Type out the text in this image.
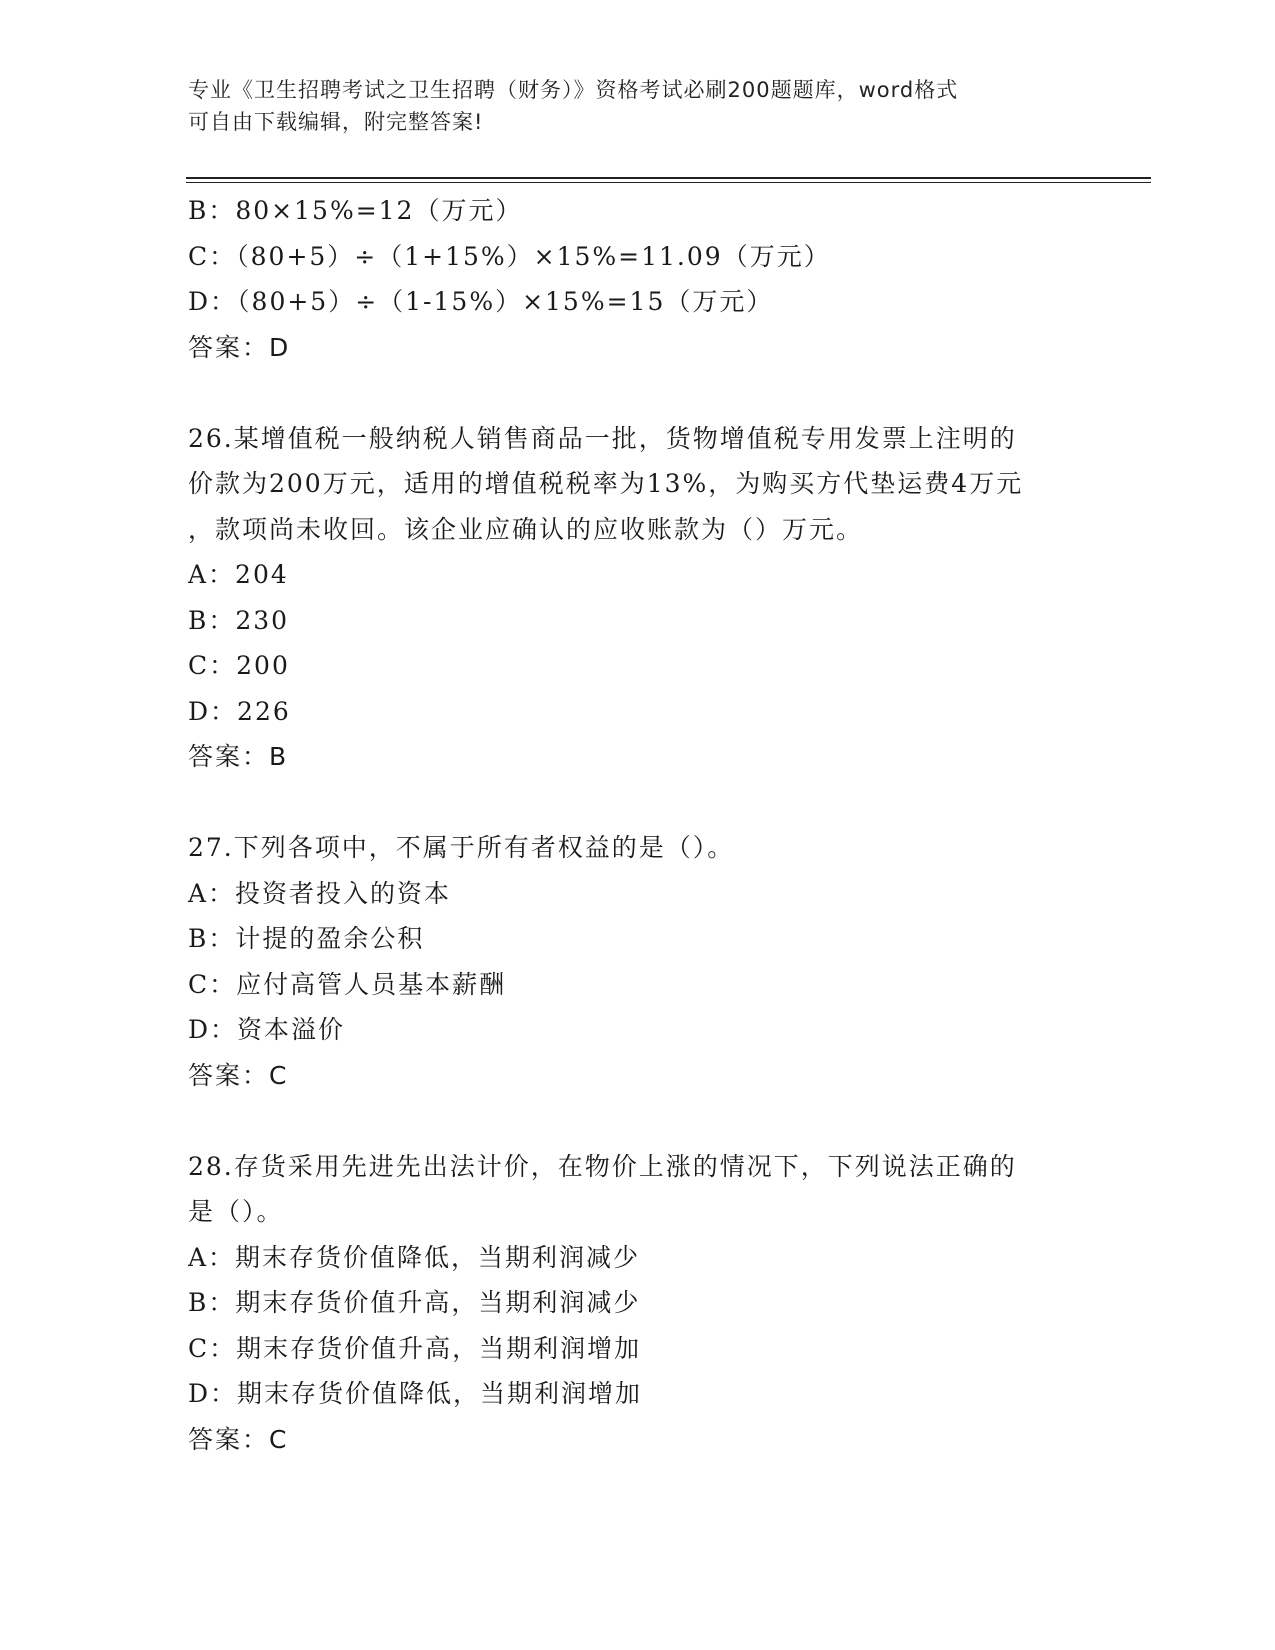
专业《卫生招聘考试之卫生招聘（财务）》资格考试必刷200题题库，word格式
可自由下载编辑，附完整答案!
B：80×15%=12（万元）
C：（80+5）÷（1+15%）×15%=11.09（万元）
D：（80+5）÷（1-15%）×15%=15（万元）
答案：D
26.某增值税一般纳税人销售商品一批，货物增值税专用发票上注明的
价款为200万元，适用的增值税税率为13%，为购买方代垫运费4万元
，款项尚未收回。该企业应确认的应收账款为（）万元。
A：204
B：230
C：200
D：226
答案：B
27.下列各项中，不属于所有者权益的是（）。
A：投资者投入的资本
B：计提的盈余公积
C：应付高管人员基本薪酬
D：资本溢价
答案：C
28.存货采用先进先出法计价，在物价上涨的情况下，下列说法正确的
是（）。
A：期末存货价值降低，当期利润减少
B：期末存货价值升高，当期利润减少
C：期末存货价值升高，当期利润增加
D：期末存货价值降低，当期利润增加
答案：C
